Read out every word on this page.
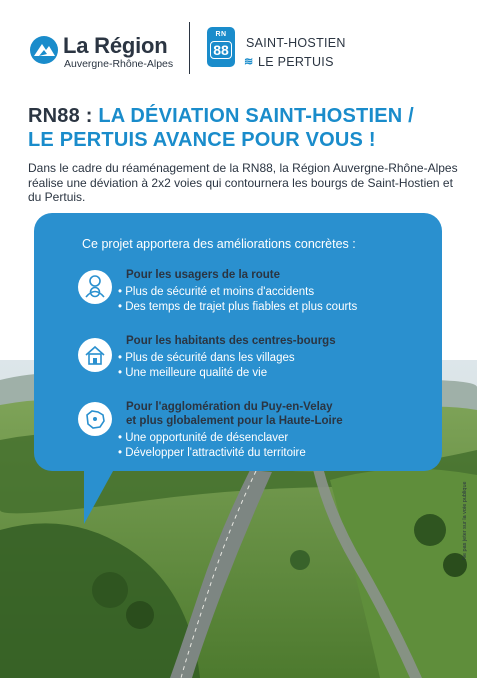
La Région
Auvergne-Rhône-Alpes
RN
88 SAINT-HOSTIEN
≋ LE PERTUIS
RN88 : LA DÉVIATION SAINT-HOSTIEN /
LE PERTUIS AVANCE POUR VOUS !
Dans le cadre du réaménagement de la RN88, la Région Auvergne-Rhône-Alpes réalise une déviation à 2x2 voies qui contournera les bourgs de Saint-Hostien et du Pertuis.
Ce projet apportera des améliorations concrètes :
Pour les usagers de la route
• Plus de sécurité et moins d'accidents
• Des temps de trajet plus fiables et plus courts
Pour les habitants des centres-bourgs
• Plus de sécurité dans les villages
• Une meilleure qualité de vie
Pour l'agglomération du Puy-en-Velay
et plus globalement pour la Haute-Loire
• Une opportunité de désenclaver
• Développer l'attractivité du territoire
Ne pas jeter sur la voie publique
